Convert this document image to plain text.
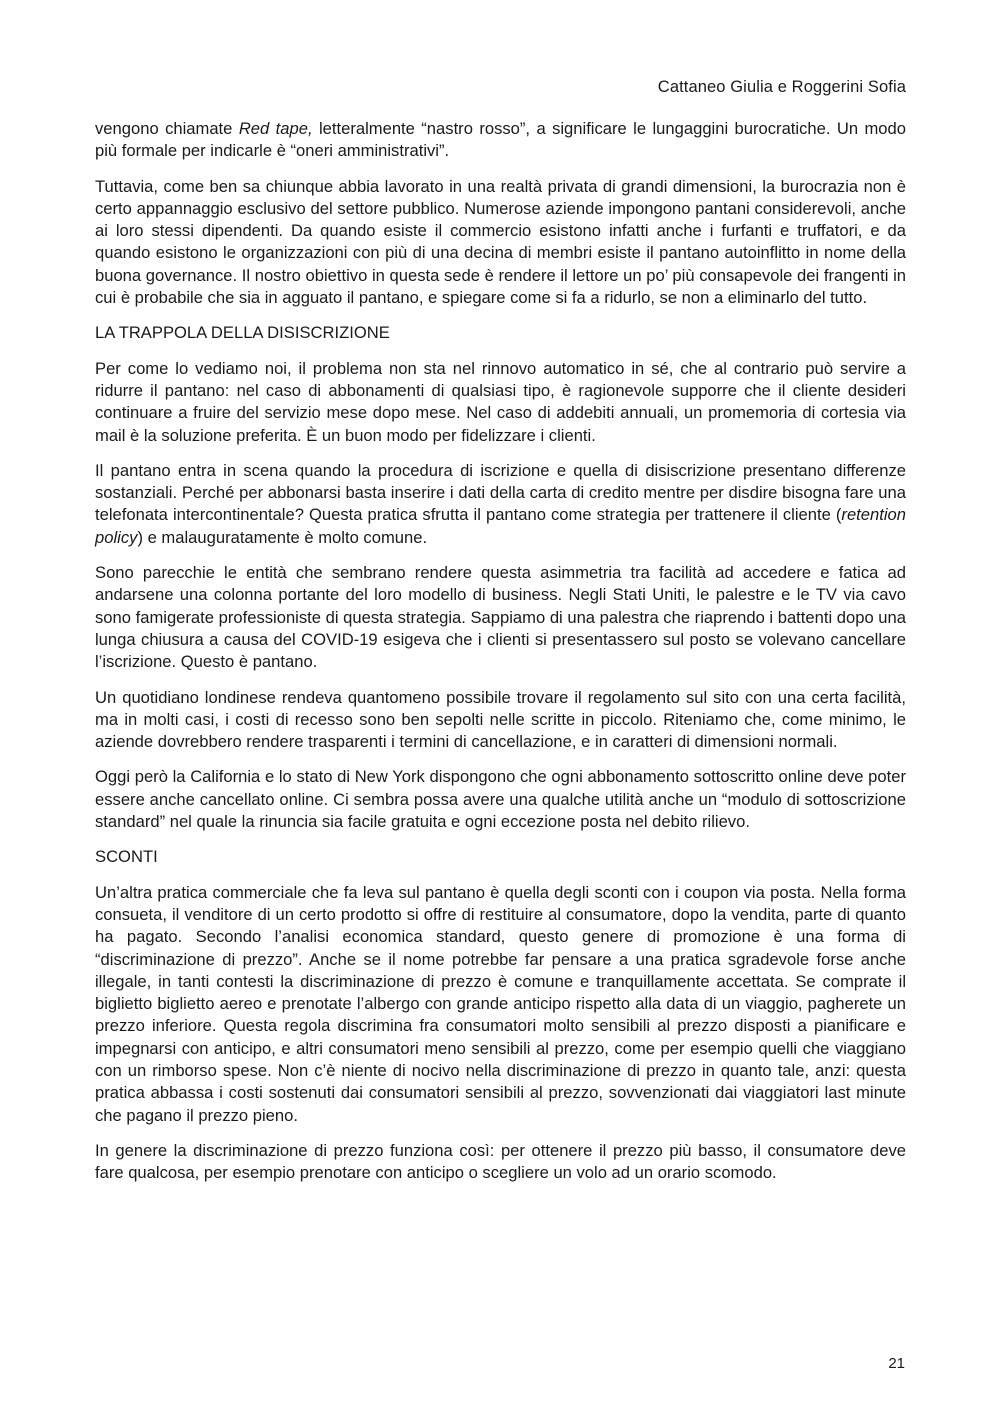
Cattaneo Giulia e Roggerini Sofia

vengono chiamate Red tape, letteralmente “nastro rosso”, a significare le lungaggini burocratiche. Un modo più formale per indicarle è “oneri amministrativi”.

Tuttavia, come ben sa chiunque abbia lavorato in una realtà privata di grandi dimensioni, la burocrazia non è certo appannaggio esclusivo del settore pubblico. Numerose aziende impongono pantani considerevoli, anche ai loro stessi dipendenti. Da quando esiste il commercio esistono infatti anche i furfanti e truffatori, e da quando esistono le organizzazioni con più di una decina di membri esiste il pantano autoinflitto in nome della buona governance. Il nostro obiettivo in questa sede è rendere il lettore un po’ più consapevole dei frangenti in cui è probabile che sia in agguato il pantano, e spiegare come si fa a ridurlo, se non a eliminarlo del tutto.

LA TRAPPOLA DELLA DISISCRIZIONE

Per come lo vediamo noi, il problema non sta nel rinnovo automatico in sé, che al contrario può servire a ridurre il pantano: nel caso di abbonamenti di qualsiasi tipo, è ragionevole supporre che il cliente desideri continuare a fruire del servizio mese dopo mese. Nel caso di addebiti annuali, un promemoria di cortesia via mail è la soluzione preferita. È un buon modo per fidelizzare i clienti.

Il pantano entra in scena quando la procedura di iscrizione e quella di disiscrizione presentano differenze sostanziali. Perché per abbonarsi basta inserire i dati della carta di credito mentre per disdire bisogna fare una telefonata intercontinentale? Questa pratica sfrutta il pantano come strategia per trattenere il cliente (retention policy) e malauguratamente è molto comune.

Sono parecchie le entità che sembrano rendere questa asimmetria tra facilità ad accedere e fatica ad andarsene una colonna portante del loro modello di business. Negli Stati Uniti, le palestre e le TV via cavo sono famigerate professioniste di questa strategia. Sappiamo di una palestra che riaprendo i battenti dopo una lunga chiusura a causa del COVID-19 esigeva che i clienti si presentassero sul posto se volevano cancellare l’iscrizione. Questo è pantano.

Un quotidiano londinese rendeva quantomeno possibile trovare il regolamento sul sito con una certa facilità, ma in molti casi, i costi di recesso sono ben sepolti nelle scritte in piccolo. Riteniamo che, come minimo, le aziende dovrebbero rendere trasparenti i termini di cancellazione, e in caratteri di dimensioni normali.

Oggi però la California e lo stato di New York dispongono che ogni abbonamento sottoscritto online deve poter essere anche cancellato online. Ci sembra possa avere una qualche utilità anche un “modulo di sottoscrizione standard” nel quale la rinuncia sia facile gratuita e ogni eccezione posta nel debito rilievo.

SCONTI

Un’altra pratica commerciale che fa leva sul pantano è quella degli sconti con i coupon via posta. Nella forma consueta, il venditore di un certo prodotto si offre di restituire al consumatore, dopo la vendita, parte di quanto ha pagato. Secondo l’analisi economica standard, questo genere di promozione è una forma di “discriminazione di prezzo”. Anche se il nome potrebbe far pensare a una pratica sgradevole forse anche illegale, in tanti contesti la discriminazione di prezzo è comune e tranquillamente accettata. Se comprate il biglietto biglietto aereo e prenotate l’albergo con grande anticipo rispetto alla data di un viaggio, pagherete un prezzo inferiore. Questa regola discrimina fra consumatori molto sensibili al prezzo disposti a pianificare e impegnarsi con anticipo, e altri consumatori meno sensibili al prezzo, come per esempio quelli che viaggiano con un rimborso spese. Non c’è niente di nocivo nella discriminazione di prezzo in quanto tale, anzi: questa pratica abbassa i costi sostenuti dai consumatori sensibili al prezzo, sovvenzionati dai viaggiatori last minute che pagano il prezzo pieno.

In genere la discriminazione di prezzo funziona così: per ottenere il prezzo più basso, il consumatore deve fare qualcosa, per esempio prenotare con anticipo o scegliere un volo ad un orario scomodo.

21
